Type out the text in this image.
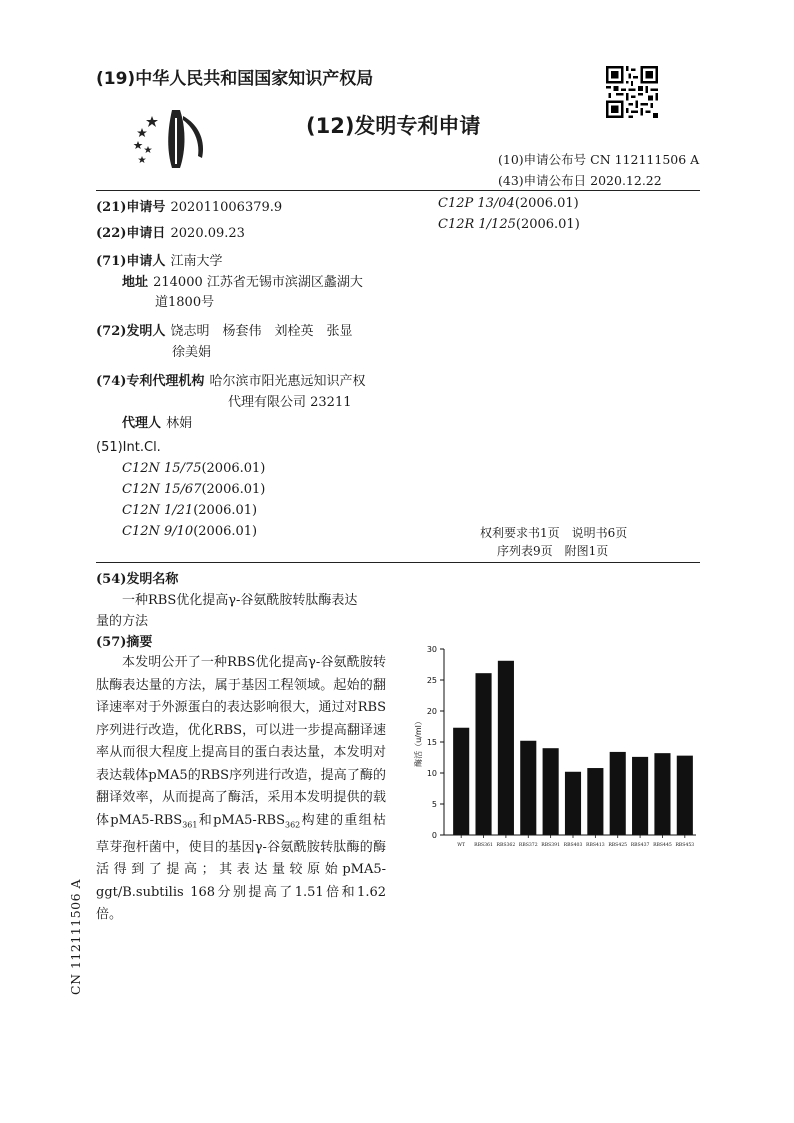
(19)中华人民共和国国家知识产权局
(12)发明专利申请
(10)申请公布号 CN 112111506 A
(43)申请公布日 2020.12.22
(21)申请号 202011006379.9
(22)申请日 2020.09.23
(71)申请人 江南大学
地址 214000 江苏省无锡市滨湖区蠡湖大
道1800号
(72)发明人 饶志明　杨套伟　刘栓英　张显
徐美娟
(74)专利代理机构 哈尔滨市阳光惠远知识产权
代理有限公司 23211
代理人 林娟
(51)Int.Cl.
C12N 15/75(2006.01)
C12N 15/67(2006.01)
C12N 1/21(2006.01)
C12N 9/10(2006.01)
C12P 13/04(2006.01)
C12R 1/125(2006.01)
权利要求书1页　说明书6页
序列表9页　附图1页
(54)发明名称
一种RBS优化提高γ-谷氨酰胺转肽酶表达
量的方法
(57)摘要

本发明公开了一种RBS优化提高γ-谷氨酰胺转肽酶表达量的方法，属于基因工程领域。起始的翻译速率对于外源蛋白的表达影响很大，通过对RBS序列进行改造，优化RBS，可以进一步提高翻译速率从而很大程度上提高目的蛋白表达量，本发明对表达载体pMA5的RBS序列进行改造，提高了酶的翻译效率，从而提高了酶活，采用本发明提供的载体$pMA5-RBS_{361}$和$pMA5-RBS_{362}$构建的重组枯草芽孢杆菌中，使目的基因γ-谷氨酰胺转肽酶的酶活得到了提高；其表达量较原始pMA5-ggt/B.subtilis 168分别提高了1.51倍和1.62倍。

0
5
10
15
20
25
30
WT RBS361 RBS362 RBS372 RBS391 RBS403 RBS413 RBS425 RBS437 RBS445 RBS453
酶活（u/ml）
CN 112111506 A
